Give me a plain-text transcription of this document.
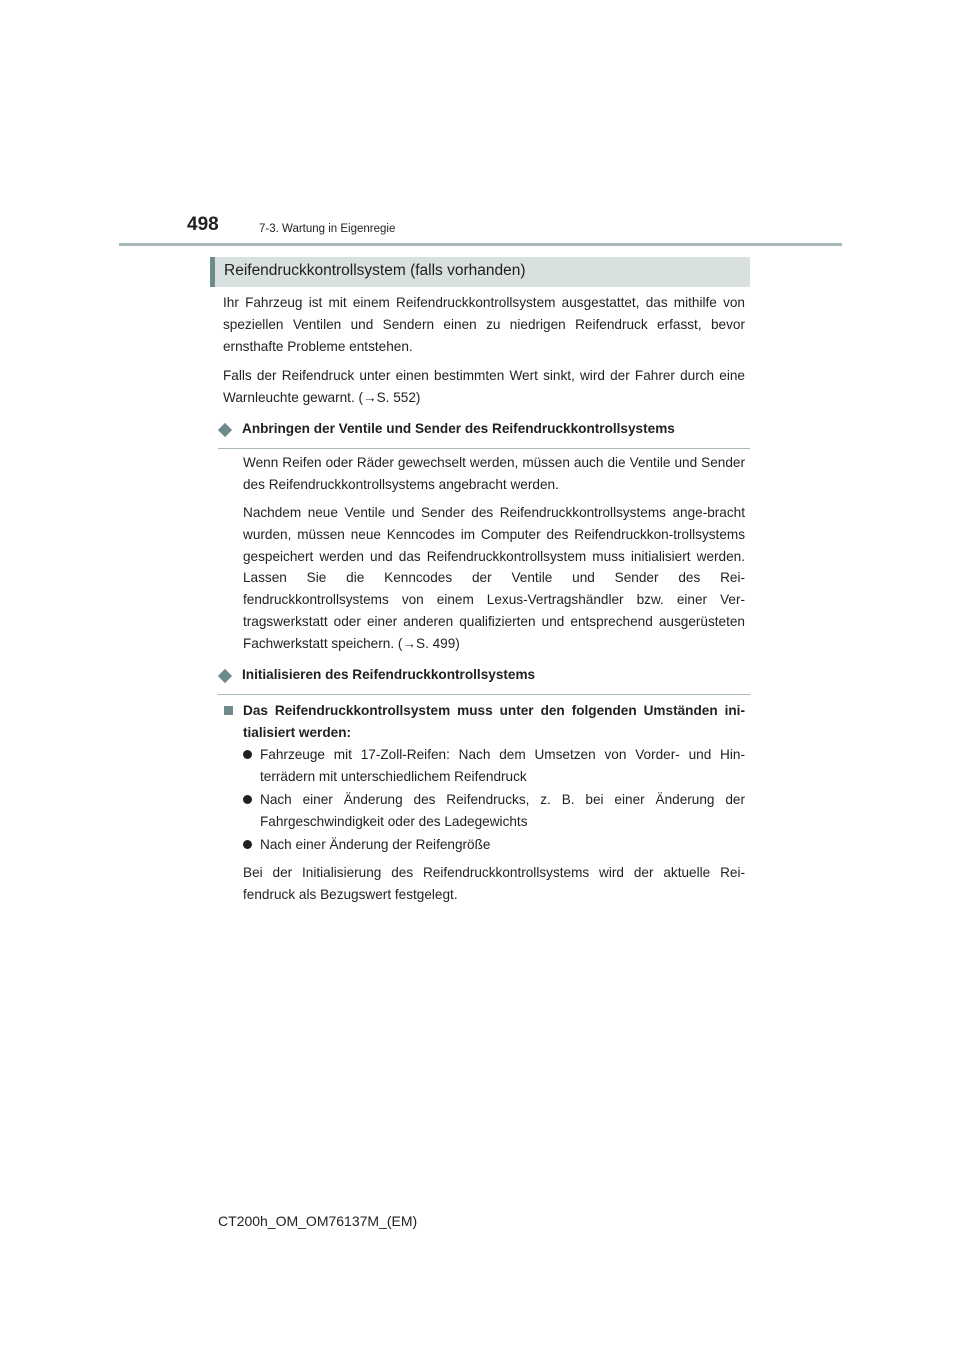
498	7-3. Wartung in Eigenregie
Reifendruckkontrollsystem (falls vorhanden)
Ihr Fahrzeug ist mit einem Reifendruckkontrollsystem ausgestattet, das mithilfe von speziellen Ventilen und Sendern einen zu niedrigen Reifendruck erfasst, bevor ernsthafte Probleme entstehen.
Falls der Reifendruck unter einen bestimmten Wert sinkt, wird der Fahrer durch eine Warnleuchte gewarnt. (→S. 552)
Anbringen der Ventile und Sender des Reifendruckkontrollsystems
Wenn Reifen oder Räder gewechselt werden, müssen auch die Ventile und Sender des Reifendruckkontrollsystems angebracht werden.
Nachdem neue Ventile und Sender des Reifendruckkontrollsystems ange-bracht wurden, müssen neue Kenncodes im Computer des Reifendruckkon-trollsystems gespeichert werden und das Reifendruckkontrollsystem muss initialisiert werden. Lassen Sie die Kenncodes der Ventile und Sender des Rei-fendruckkontrollsystems von einem Lexus-Vertragshändler bzw. einer Ver-tragswerkstatt oder einer anderen qualifizierten und entsprechend ausgerüsteten Fachwerkstatt speichern. (→S. 499)
Initialisieren des Reifendruckkontrollsystems
Das Reifendruckkontrollsystem muss unter den folgenden Umständen ini-tialisiert werden:
Fahrzeuge mit 17-Zoll-Reifen: Nach dem Umsetzen von Vorder- und Hin-terrädern mit unterschiedlichem Reifendruck
Nach einer Änderung des Reifendrucks, z. B. bei einer Änderung der Fahrgeschwindigkeit oder des Ladegewichts
Nach einer Änderung der Reifengröße
Bei der Initialisierung des Reifendruckkontrollsystems wird der aktuelle Rei-fendruck als Bezugswert festgelegt.
CT200h_OM_OM76137M_(EM)
